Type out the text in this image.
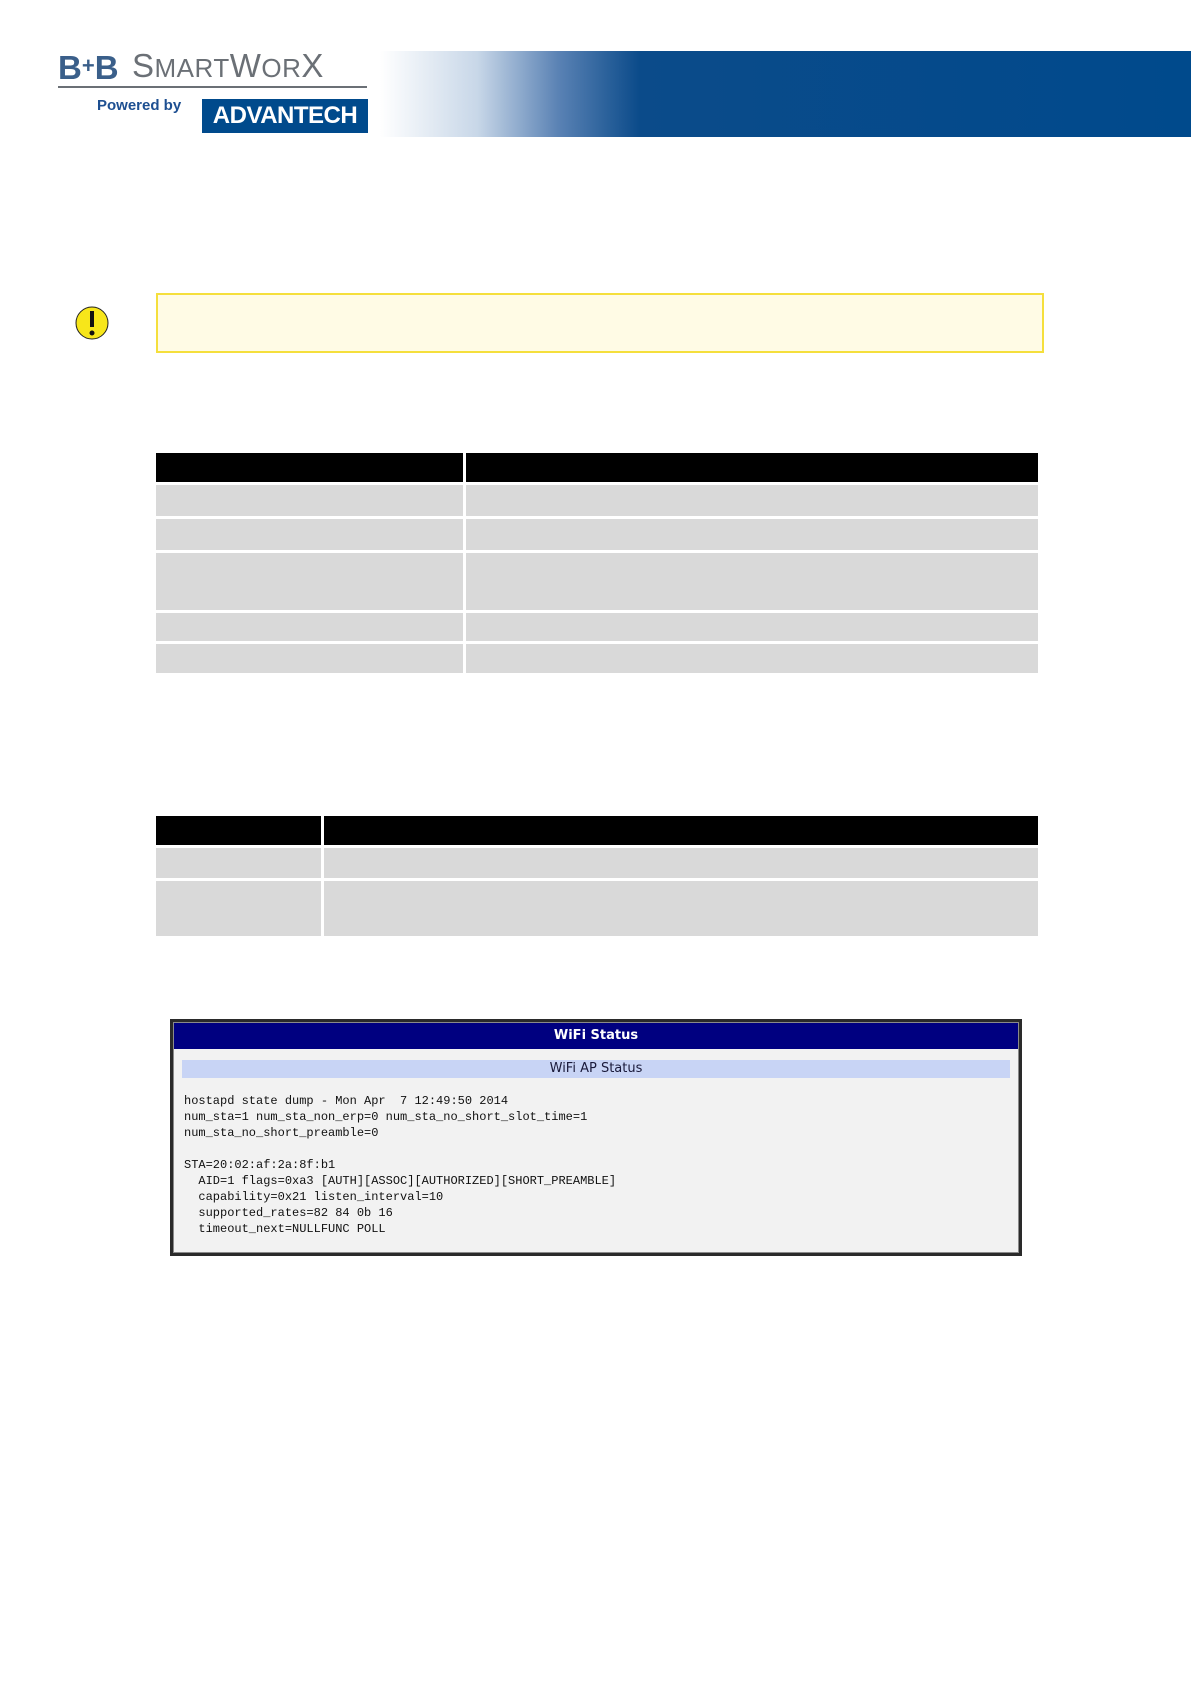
B+B SMARTWORX
Powered by	ADVANTECH

WiFi Status
WiFi AP Status
hostapd state dump - Mon Apr  7 12:49:50 2014
num_sta=1 num_sta_non_erp=0 num_sta_no_short_slot_time=1
num_sta_no_short_preamble=0

STA=20:02:af:2a:8f:b1
AID=1 flags=0xa3 [AUTH][ASSOC][AUTHORIZED][SHORT_PREAMBLE]
capability=0x21 listen_interval=10
supported_rates=82 84 0b 16
timeout_next=NULLFUNC POLL
